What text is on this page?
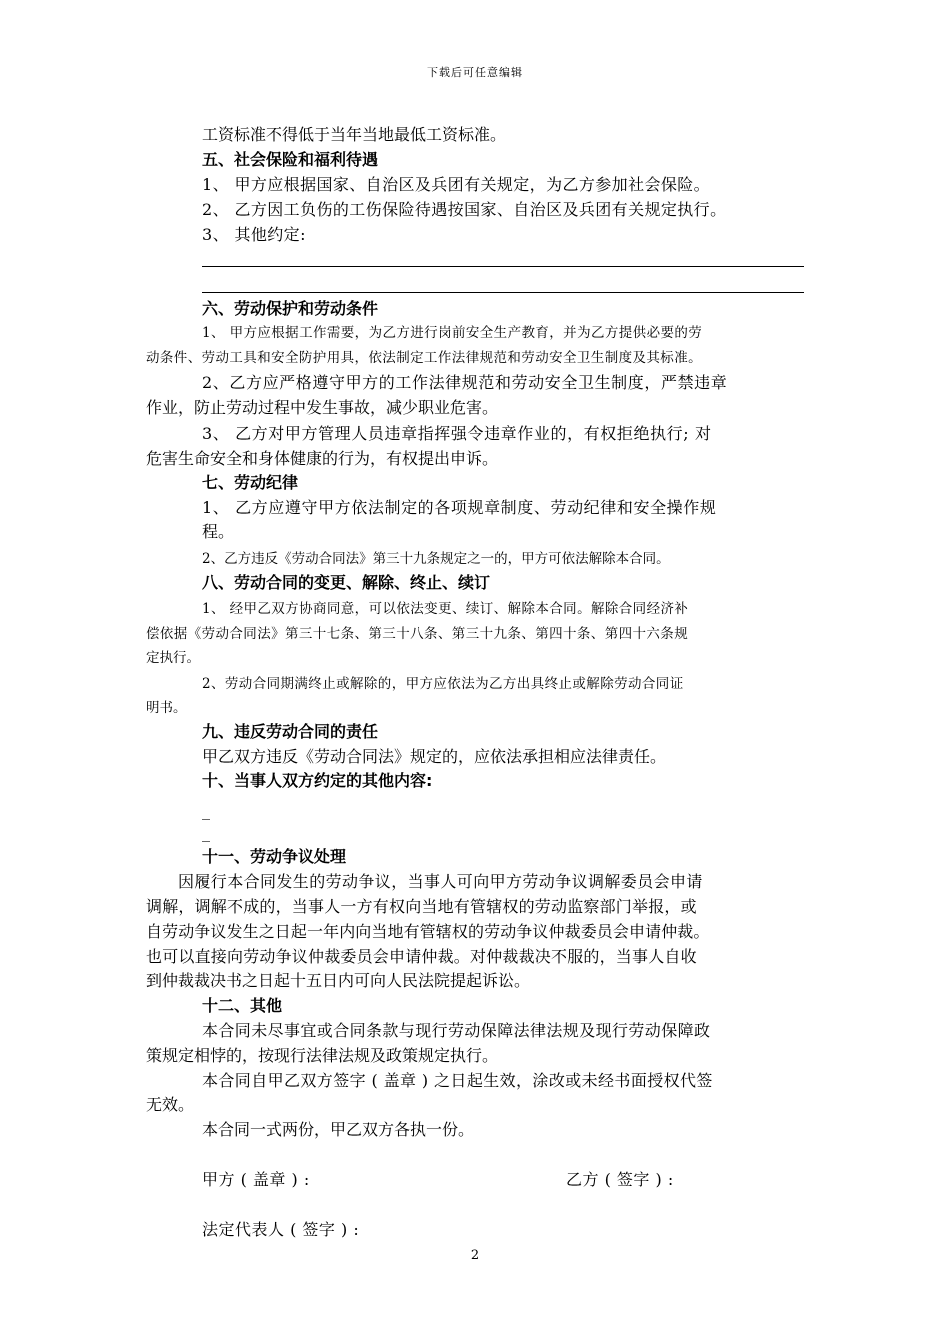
下载后可任意编辑
工资标准不得低于当年当地最低工资标准。
五、社会保险和福利待遇
1、 甲方应根据国家、自治区及兵团有关规定，为乙方参加社会保险。
2、 乙方因工负伤的工伤保险待遇按国家、自治区及兵团有关规定执行。
3、 其他约定:
六、劳动保护和劳动条件
1、 甲方应根据工作需要，为乙方进行岗前安全生产教育，并为乙方提供必要的劳
动条件、劳动工具和安全防护用具，依法制定工作法律规范和劳动安全卫生制度及其标准。
2、乙方应严格遵守甲方的工作法律规范和劳动安全卫生制度，严禁违章
作业，防止劳动过程中发生事故，减少职业危害。
3、 乙方对甲方管理人员违章指挥强令违章作业的，有权拒绝执行; 对
危害生命安全和身体健康的行为，有权提出申诉。
七、劳动纪律
1、 乙方应遵守甲方依法制定的各项规章制度、劳动纪律和安全操作规
程。
2、乙方违反《劳动合同法》第三十九条规定之一的，甲方可依法解除本合同。
八、劳动合同的变更、解除、终止、续订
1、 经甲乙双方协商同意，可以依法变更、续订、解除本合同。解除合同经济补
偿依据《劳动合同法》第三十七条、第三十八条、第三十九条、第四十条、第四十六条规
定执行。
2、劳动合同期满终止或解除的，甲方应依法为乙方出具终止或解除劳动合同证
明书。
九、违反劳动合同的责任
甲乙双方违反《劳动合同法》规定的，应依法承担相应法律责任。
十、当事人双方约定的其他内容:
_
_
十一、劳动争议处理
因履行本合同发生的劳动争议，当事人可向甲方劳动争议调解委员会申请
调解，调解不成的，当事人一方有权向当地有管辖权的劳动监察部门举报，或
自劳动争议发生之日起一年内向当地有管辖权的劳动争议仲裁委员会申请仲裁。
也可以直接向劳动争议仲裁委员会申请仲裁。对仲裁裁决不服的，当事人自收
到仲裁裁决书之日起十五日内可向人民法院提起诉讼。
十二、其他
本合同未尽事宜或合同条款与现行劳动保障法律法规及现行劳动保障政
策规定相悖的，按现行法律法规及政策规定执行。
本合同自甲乙双方签字 ( 盖章 ) 之日起生效，涂改或未经书面授权代签
无效。
本合同一式两份，甲乙双方各执一份。
甲方 ( 盖章 ) :	乙方 ( 签字 ) :
法定代表人 ( 签字 ) :
2
